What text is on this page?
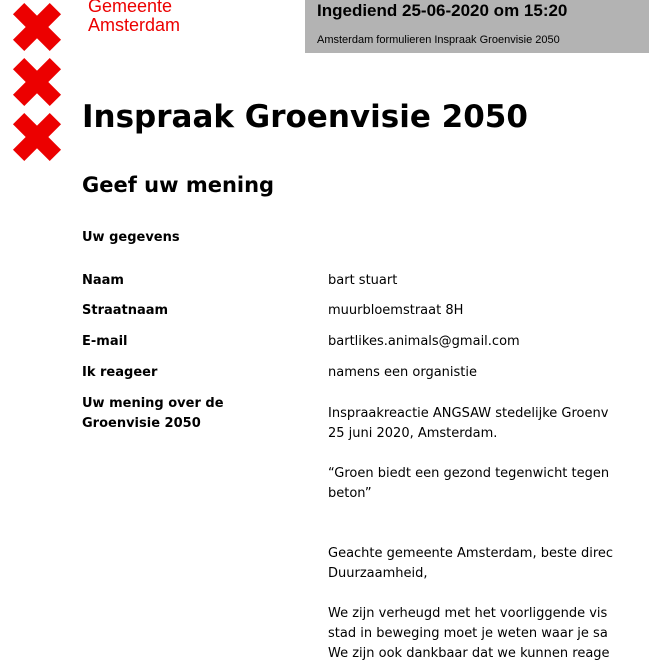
Gemeente
Amsterdam
Ingediend 25-06-2020 om 15:20
Amsterdam formulieren Inspraak Groenvisie 2050
Inspraak Groenvisie 2050
Geef uw mening
Uw gegevens
Naam	bart stuart
Straatnaam	muurbloemstraat 8H
E-mail	bartlikes.animals@gmail.com
Ik reageer	namens een organistie
Uw mening over de
Groenvisie 2050

Inspraakreactie ANGSAW stedelijke Groenv

25 juni 2020, Amsterdam.

“Groen biedt een gezond tegenwicht tegen

beton”

Geachte gemeente Amsterdam, beste direc

Duurzaamheid,

We zijn verheugd met het voorliggende vis

stad in beweging moet je weten waar je sa

We zijn ook dankbaar dat we kunnen reage
